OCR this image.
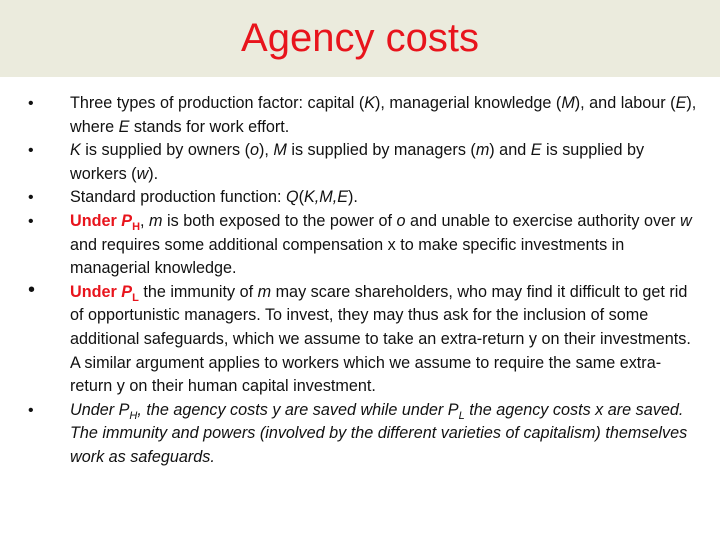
Agency costs
• Three types of production factor: capital (K), managerial knowledge (M), and labour (E), where E stands for work effort.
• K is supplied by owners (o), M is supplied by managers (m) and E is supplied by workers (w).
• Standard production function: Q(K,M,E).
• Under $P_H$, m is both exposed to the power of o and unable to exercise authority over w and requires some additional compensation x to make specific investments in managerial knowledge.
• Under $P_L$ the immunity of m may scare shareholders, who may find it difficult to get rid of opportunistic managers. To invest, they may thus ask for the inclusion of some additional safeguards, which we assume to take an extra-return y on their investments. A similar argument applies to workers which we assume to require the same extra-return y on their human capital investment.
• Under $P_H$, the agency costs y are saved while under $P_L$ the agency costs x are saved. The immunity and powers (involved by the different varieties of capitalism) themselves work as safeguards.
